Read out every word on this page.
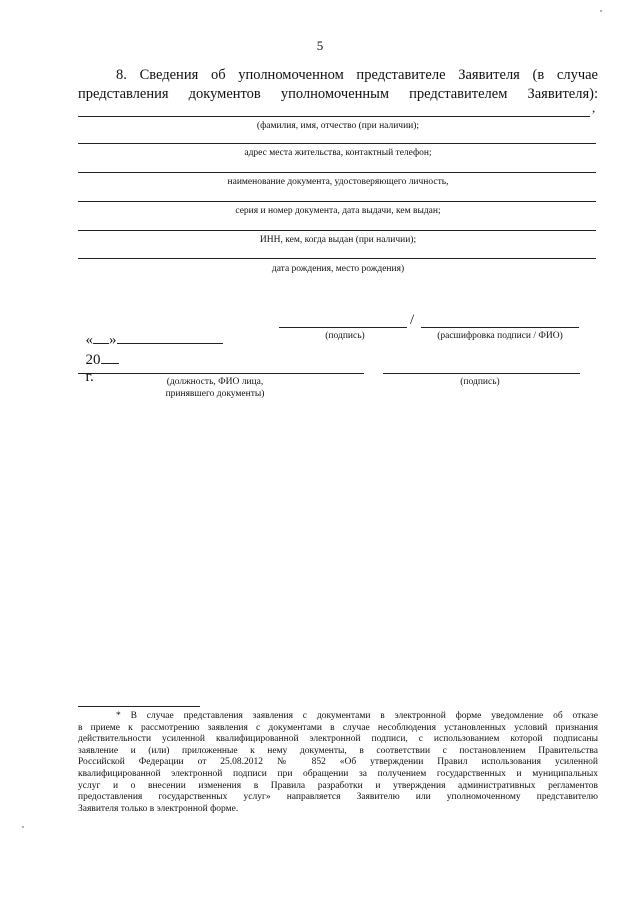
5
8. Сведения об уполномоченном представителе Заявителя (в случае
представления документов уполномоченным представителем Заявителя):
,
(фамилия, имя, отчество (при наличии);
адрес места жительства, контактный телефон;
наименование документа, удостоверяющего личность,
серия и номер документа, дата выдачи, кем выдан;
ИНН, кем, когда выдан (при наличии);
дата рождения, место рождения)

« »
20
г.

/
(подпись)	(расшифровка подписи / ФИО)
(должность, ФИО лица,
принявшего документы)
(подпись)
* В случае представления заявления с документами в электронной форме уведомление об отказе
в приеме к рассмотрению заявления с документами в случае несоблюдения установленных условий признания
действительности усиленной квалифицированной электронной подписи, с использованием которой подписаны
заявление и (или) приложенные к нему документы, в соответствии с постановлением Правительства
Российской Федерации от 25.08.2012 № 852 «Об утверждении Правил использования усиленной
квалифицированной электронной подписи при обращении за получением государственных и муниципальных
услуг и о внесении изменения в Правила разработки и утверждения административных регламентов
предоставления государственных услуг» направляется Заявителю или уполномоченному представителю
Заявителя только в электронной форме.
